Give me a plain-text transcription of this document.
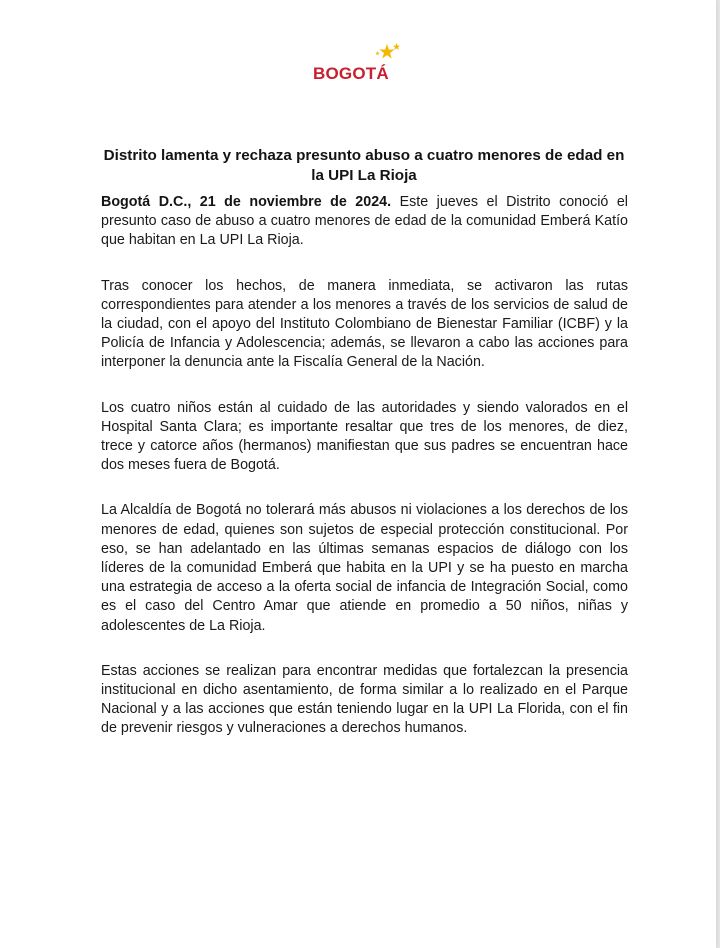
BOGOTÁ
Distrito lamenta y rechaza presunto abuso a cuatro menores de edad en la UPI La Rioja

Bogotá D.C., 21 de noviembre de 2024. Este jueves el Distrito conoció el presunto caso de abuso a cuatro menores de edad de la comunidad Emberá Katío que habitan en La UPI La Rioja.

Tras conocer los hechos, de manera inmediata, se activaron las rutas correspondientes para atender a los menores a través de los servicios de salud de la ciudad, con el apoyo del Instituto Colombiano de Bienestar Familiar (ICBF) y la Policía de Infancia y Adolescencia; además, se llevaron a cabo las acciones para interponer la denuncia ante la Fiscalía General de la Nación.

Los cuatro niños están al cuidado de las autoridades y siendo valorados en el Hospital Santa Clara; es importante resaltar que tres de los menores, de diez, trece y catorce años (hermanos) manifiestan que sus padres se encuentran hace dos meses fuera de Bogotá.

La Alcaldía de Bogotá no tolerará más abusos ni violaciones a los derechos de los menores de edad, quienes son sujetos de especial protección constitucional. Por eso, se han adelantado en las últimas semanas espacios de diálogo con los líderes de la comunidad Emberá que habita en la UPI y se ha puesto en marcha una estrategia de acceso a la oferta social de infancia de Integración Social, como es el caso del Centro Amar que atiende en promedio a 50 niños, niñas y adolescentes de La Rioja.

Estas acciones se realizan para encontrar medidas que fortalezcan la presencia institucional en dicho asentamiento, de forma similar a lo realizado en el Parque Nacional y a las acciones que están teniendo lugar en la UPI La Florida, con el fin de prevenir riesgos y vulneraciones a derechos humanos.
